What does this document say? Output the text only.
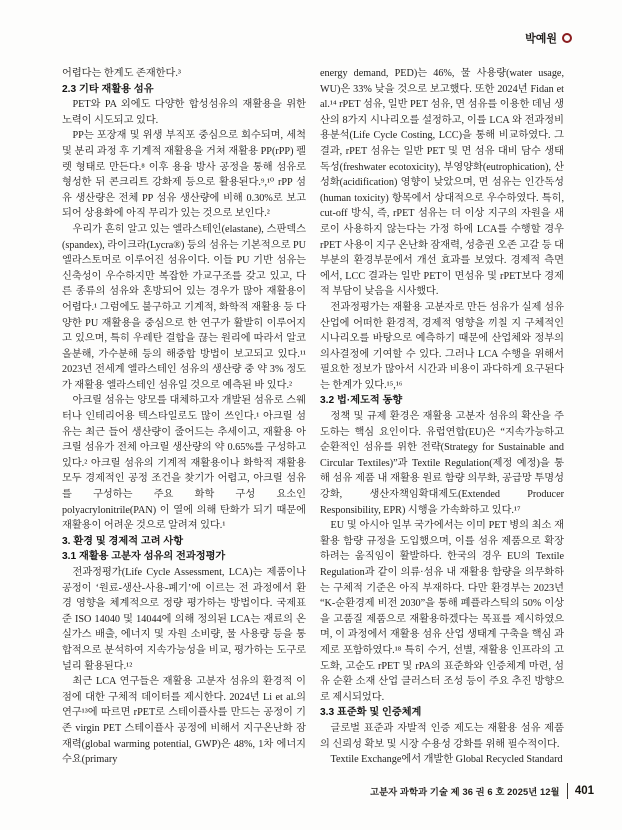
박예원

어렵다는 한계도 존재한다.³

2.3 기타 재활용 섬유

PET와 PA 외에도 다양한 합성섬유의 재활용을 위한 노력이 시도되고 있다.

PP는 포장재 및 위생 부직포 중심으로 회수되며, 세척 및 분리 과정 후 기계적 재활용을 거쳐 재활용 PP(rPP) 펠렛 형태로 만든다.⁸ 이후 용융 방사 공정을 통해 섬유로 형성한 뒤 콘크리트 강화제 등으로 활용된다.⁹,¹⁰ rPP 섬유 생산량은 전체 PP 섬유 생산량에 비해 0.30%로 보고되어 상용화에 아직 무리가 있는 것으로 보인다.²

우리가 흔히 알고 있는 엘라스테인(elastane), 스판덱스(spandex), 라이크라(Lycra®) 등의 섬유는 기본적으로 PU 엘라스토머로 이루어진 섬유이다. 이들 PU 기반 섬유는 신축성이 우수하지만 복잡한 가교구조를 갖고 있고, 다른 종류의 섬유와 혼방되어 있는 경우가 많아 재활용이 어렵다.¹ 그럼에도 불구하고 기계적, 화학적 재활용 등 다양한 PU 재활용을 중심으로 한 연구가 활발히 이루어지고 있으며, 특히 우레탄 결합을 끊는 원리에 따라서 알코올분해, 가수분해 등의 해중합 방법이 보고되고 있다.¹¹ 2023년 전세계 엘라스테인 섬유의 생산량 중 약 3% 정도가 재활용 엘라스테인 섬유일 것으로 예측된 바 있다.²

아크릴 섬유는 양모를 대체하고자 개발된 섬유로 스웨터나 인테리어용 텍스타일로도 많이 쓰인다.¹ 아크릴 섬유는 최근 들어 생산량이 줄어드는 추세이고, 재활용 아크릴 섬유가 전체 아크릴 생산량의 약 0.65%를 구성하고 있다.² 아크릴 섬유의 기계적 재활용이나 화학적 재활용 모두 경제적인 공정 조건을 찾기가 어렵고, 아크릴 섬유를 구성하는 주요 화학 구성 요소인 polyacrylonitrile(PAN) 이 열에 의해 탄화가 되기 때문에 재활용이 어려운 것으로 알려져 있다.¹

3. 환경 및 경제적 고려 사항

3.1 재활용 고분자 섬유의 전과정평가

전과정평가(Life Cycle Assessment, LCA)는 제품이나 공정이 ‘원료-생산-사용-폐기’에 이르는 전 과정에서 환경 영향을 체계적으로 정량 평가하는 방법이다. 국제표준 ISO 14040 및 14044에 의해 정의된 LCA는 재료의 온실가스 배출, 에너지 및 자원 소비량, 물 사용량 등을 통합적으로 분석하여 지속가능성을 비교, 평가하는 도구로 널리 활용된다.¹²

최근 LCA 연구들은 재활용 고분자 섬유의 환경적 이점에 대한 구체적 데이터를 제시한다. 2024년 Li et al.의 연구¹³에 따르면 rPET로 스테이플사를 만드는 공정이 기존 virgin PET 스테이플사 공정에 비해서 지구온난화 잠재력(global warming potential, GWP)은 48%, 1차 에너지 수요(primary

energy demand, PED)는 46%, 물 사용량(water usage, WU)은 33% 낮을 것으로 보고했다. 또한 2024년 Fidan et al.¹⁴ rPET 섬유, 일반 PET 섬유, 면 섬유를 이용한 데님 생산의 8가지 시나리오를 설정하고, 이를 LCA 와 전과정비용분석(Life Cycle Costing, LCC)을 통해 비교하였다. 그 결과, rPET 섬유는 일반 PET 및 면 섬유 대비 담수 생태독성(freshwater ecotoxicity), 부영양화(eutrophication), 산성화(acidification) 영향이 낮았으며, 면 섬유는 인간독성(human toxicity) 항목에서 상대적으로 우수하였다. 특히, cut-off 방식, 즉, rPET 섬유는 더 이상 지구의 자원을 새로이 사용하지 않는다는 가정 하에 LCA를 수행할 경우 rPET 사용이 지구 온난화 잠재력, 성층권 오존 고갈 등 대부분의 환경부문에서 개선 효과를 보였다. 경제적 측면에서, LCC 결과는 일반 PET이 면섬유 및 rPET보다 경제적 부담이 낮음을 시사했다.

전과정평가는 재활용 고분자로 만든 섬유가 실제 섬유 산업에 어떠한 환경적, 경제적 영향을 끼칠 지 구체적인 시나리오를 바탕으로 예측하기 때문에 산업체와 정부의 의사결정에 기여할 수 있다. 그러나 LCA 수행을 위해서 필요한 정보가 많아서 시간과 비용이 과다하게 요구된다는 한계가 있다.¹⁵,¹⁶

3.2 법·제도적 동향

정책 및 규제 환경은 재활용 고분자 섬유의 확산을 주도하는 핵심 요인이다. 유럽연합(EU)은 “지속가능하고 순환적인 섬유를 위한 전략(Strategy for Sustainable and Circular Textiles)”과 Textile Regulation(제정 예정)을 통해 섬유 제품 내 재활용 원료 함량 의무화, 공급망 투명성 강화, 생산자책임확대제도(Extended Producer Responsibility, EPR) 시행을 가속화하고 있다.¹⁷

EU 및 아시아 일부 국가에서는 이미 PET 병의 최소 재활용 함량 규정을 도입했으며, 이를 섬유 제품으로 확장하려는 움직임이 활발하다. 한국의 경우 EU의 Textile Regulation과 같이 의류·섬유 내 재활용 함량을 의무화하는 구체적 기준은 아직 부재하다. 다만 환경부는 2023년 “K-순환경제 비전 2030”을 통해 폐플라스틱의 50% 이상을 고품질 제품으로 재활용하겠다는 목표를 제시하였으며, 이 과정에서 재활용 섬유 산업 생태계 구축을 핵심 과제로 포함하였다.¹⁸ 특히 수거, 선별, 재활용 인프라의 고도화, 고순도 rPET 및 rPA의 표준화와 인증체계 마련, 섬유 순환 소재 산업 클러스터 조성 등이 주요 추진 방향으로 제시되었다.

3.3 표준화 및 인증체계

글로벌 표준과 자발적 인증 제도는 재활용 섬유 제품의 신뢰성 확보 및 시장 수용성 강화를 위해 필수적이다.

Textile Exchange에서 개발한 Global Recycled Standard

고분자 과학과 기술 제 36 권 6 호 2025년 12월 401
